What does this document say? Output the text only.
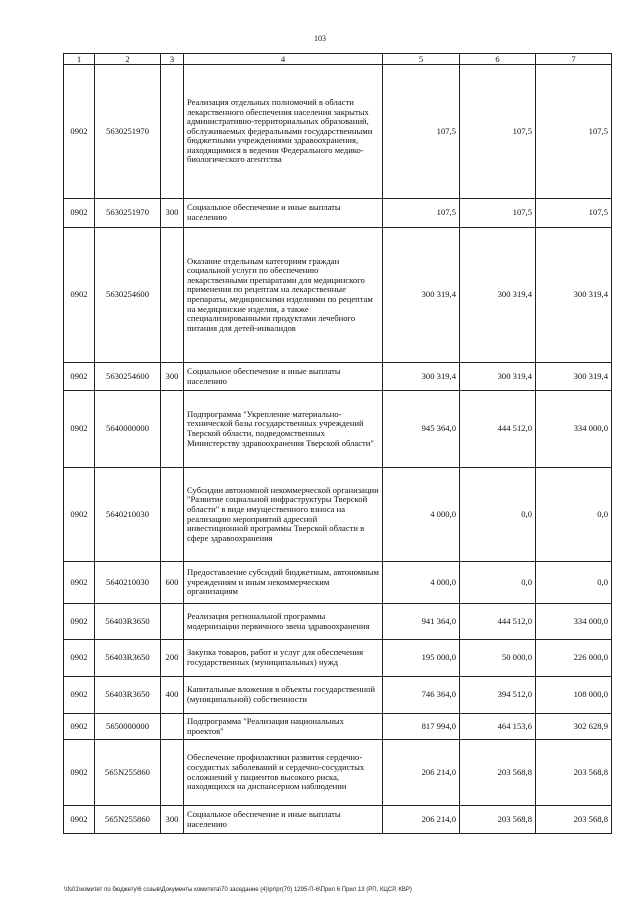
103
1	2	3	4	5	6	7
0902	5630251970		Реализация отдельных полномочий в области лекарственного обеспечения населения закрытых административно-территориальных образований, обслуживаемых федеральными государственными бюджетными учреждениями здравоохранения, находящимися в ведении Федерального медико-биологического агентства	107,5	107,5	107,5
0902	5630251970	300	Социальное обеспечение и иные выплаты населению	107,5	107,5	107,5
0902	5630254600		Оказание отдельным категориям граждан социальной услуги по обеспечению лекарственными препаратами для медицинского применения по рецептам на лекарственные препараты, медицинскими изделиями по рецептам на медицинские изделия, а также специализированными продуктами лечебного питания для детей-инвалидов	300 319,4	300 319,4	300 319,4
0902	5630254600	300	Социальное обеспечение и иные выплаты населению	300 319,4	300 319,4	300 319,4
0902	5640000000		Подпрограмма "Укрепление материально-технической базы государственных учреждений Тверской области, подведомственных Министерству здравоохранения Тверской области"	945 364,0	444 512,0	334 000,0
0902	5640210030		Субсидии автономной некоммерческой организации "Развитие социальной инфраструктуры Тверской области" в виде имущественного взноса на реализацию мероприятий адресной инвестиционной программы Тверской области в сфере здравоохранения	4 000,0	0,0	0,0
0902	5640210030	600	Предоставление субсидий бюджетным, автономным учреждениям и иным некоммерческим организациям	4 000,0	0,0	0,0
0902	56403R3650		Реализация региональной программы модернизации первичного звена здравоохранения	941 364,0	444 512,0	334 000,0
0902	56403R3650	200	Закупка товаров, работ и услуг для обеспечения государственных (муниципальных) нужд	195 000,0	50 000,0	226 000,0
0902	56403R3650	400	Капитальные вложения в объекты государственной (муниципальной) собственности	746 364,0	394 512,0	108 000,0
0902	5650000000		Подпрограмма "Реализация национальных проектов"	817 994,0	464 153,6	302 628,9
0902	565N255860		Обеспечение профилактики развития сердечно-сосудистых заболеваний и сердечно-сосудистых осложнений у пациентов высокого риска, находящихся на диспансерном наблюдении	206 214,0	203 568,8	203 568,8
0902	565N255860	300	Социальное обеспечение и иные выплаты населению	206 214,0	203 568,8	203 568,8
\\fs01\комитет по бюджету\6 созыв\Документы комитета\70 заседание (4)\pr\pr(70) 1295-П-6\Прил 6 Прил 13 (РП, КЦСР, КВР)
